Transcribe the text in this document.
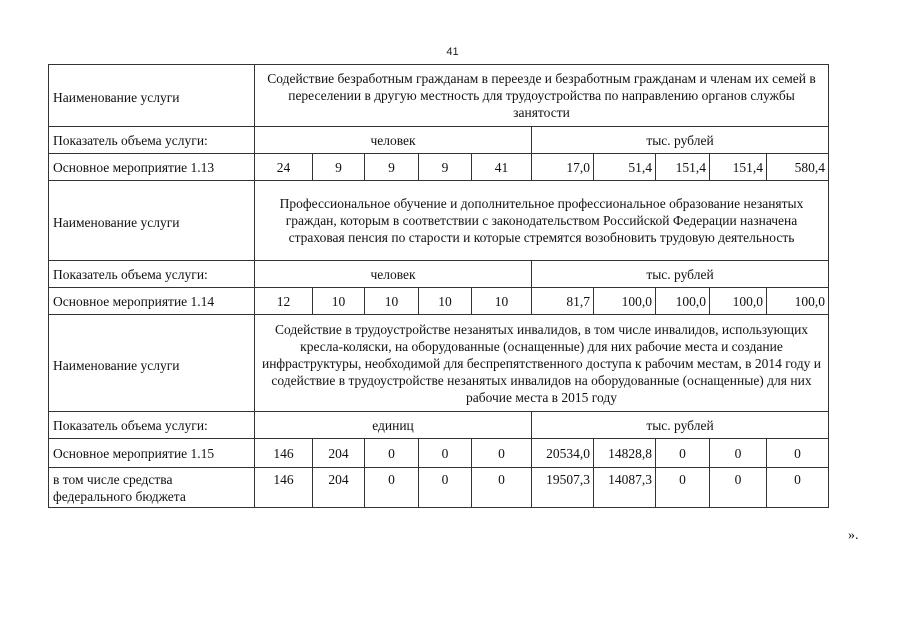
41
Наименование услуги	Содействие безработным гражданам в переезде и безработным гражданам и членам их семей в переселении в другую местность для трудоустройства по направлению органов службы занятости									
Показатель объема услуги:	человек					тыс. рублей				
Основное мероприятие 1.13	24	9	9	9	41	17,0	51,4	151,4	151,4	580,4
Наименование услуги	Профессиональное обучение и дополнительное профессиональное образование незанятых граждан, которым в соответствии с законодательством Российской Федерации назначена страховая пенсия по старости и которые стремятся возобновить трудовую деятельность									
Показатель объема услуги:	человек					тыс. рублей				
Основное мероприятие 1.14	12	10	10	10	10	81,7	100,0	100,0	100,0	100,0
Наименование услуги	Содействие в трудоустройстве незанятых инвалидов, в том числе инвалидов, использующих кресла-коляски, на оборудованные (оснащенные) для них рабочие места и создание инфраструктуры, необходимой для беспрепятственного доступа к рабочим местам, в 2014 году и содействие в трудоустройстве незанятых инвалидов на оборудованные (оснащенные) для них рабочие места в 2015 году									
Показатель объема услуги:	единиц					тыс. рублей				
Основное мероприятие 1.15	146	204	0	0	0	20534,0	14828,8	0	0	0
в том числе средства федерального бюджета	146	204	0	0	0	19507,3	14087,3	0	0	0
».
